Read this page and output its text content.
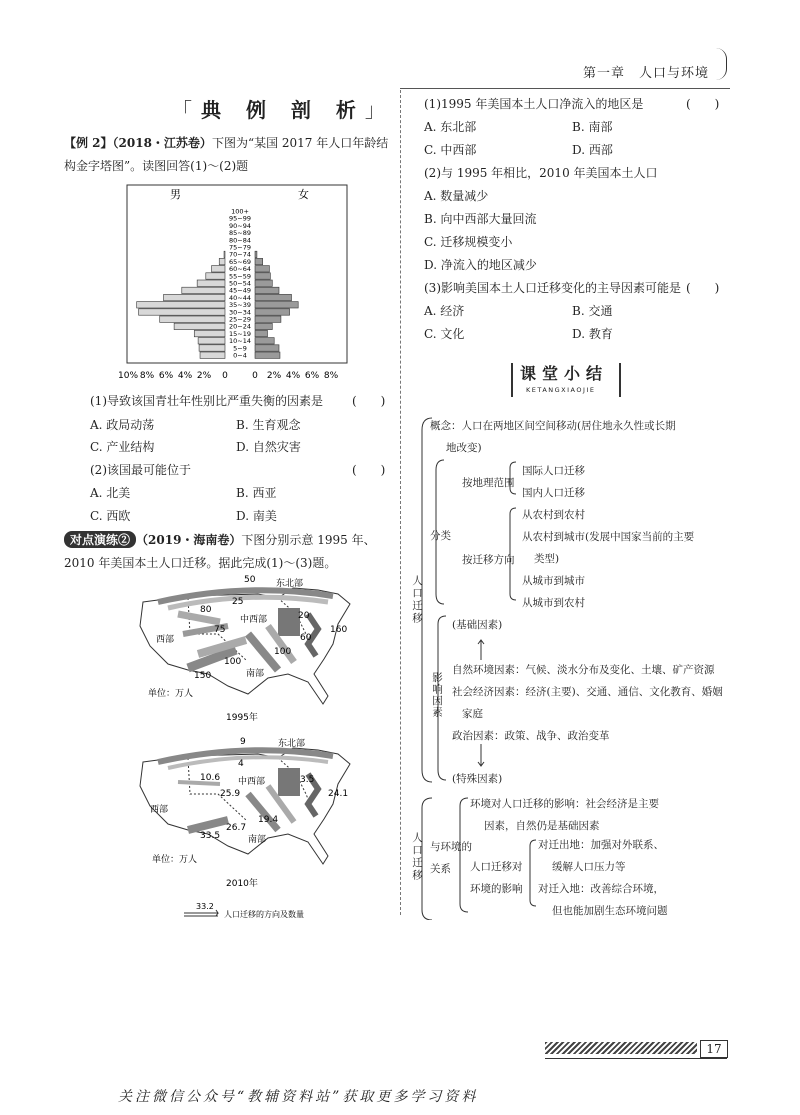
第一章　人口与环境
「典 例 剖 析」
【例 2】（2018・江苏卷）下图为“某国 2017 年人口年龄结
构金字塔图”。读图回答(1)～(2)题
男	女
100+
95~99
90~94
85~89
80~84
75~79
70~74
65~69
60~64
55~59
50~54
45~49
40~44
35~39
30~34
25~29
20~24
15~19
10~14
5~9
0~4
10% 8% 6% 4% 2% 0	0 2% 4% 6% 8%
(1)导致该国青壮年性别比严重失衡的因素是 (　　)
A. 政局动荡	B. 生育观念
C. 产业结构	D. 自然灾害
(2)该国最可能位于	(　　)
A. 北美	B. 西亚
C. 西欧	D. 南美
对点演练② （2019・海南卷）下图分别示意 1995 年、
2010 年美国本土人口迁移。据此完成(1)～(3)题。
东北部
中西部
西部
南部
50
25
80
75
20
60
100
100
150
160
单位：万人
1995年
东北部
中西部
西部
南部
9
4
10.6
25.9
3.5
24.1
26.7
19.4
33.5
单位：万人
2010年
33.2
人口迁移的方向及数量
(1)1995 年美国本土人口净流入的地区是	(　　)
A. 东北部	B. 南部
C. 中西部	D. 西部
(2)与 1995 年相比，2010 年美国本土人口
A. 数量减少
B. 向中西部大量回流
C. 迁移规模变小
D. 净流入的地区减少
(3)影响美国本土人口迁移变化的主导因素可能是 (　　)
A. 经济	B. 交通
C. 文化	D. 教育
课堂小结
KETANGXIAOJIE
人口迁移
概念：人口在两地区间空间移动(居住地永久性或长期
地改变)
分类
按地理范围
国际人口迁移
国内人口迁移
按迁移方向
从农村到农村
从农村到城市(发展中国家当前的主要
类型)
从城市到城市
从城市到农村
影响因素
(基础因素)
自然环境因素：气候、淡水分布及变化、土壤、矿产资源
社会经济因素：经济(主要)、交通、通信、文化教育、婚姻
家庭
政治因素：政策、战争、政治变革
(特殊因素)
人口迁移 与环境的关系
环境对人口迁移的影响：社会经济是主要
因素，自然仍是基础因素
人口迁移对
环境的影响
对迁出地：加强对外联系、
缓解人口压力等
对迁入地：改善综合环境，
但也能加剧生态环境问题
17
关注微信公众号“教辅资料站”获取更多学习资料
